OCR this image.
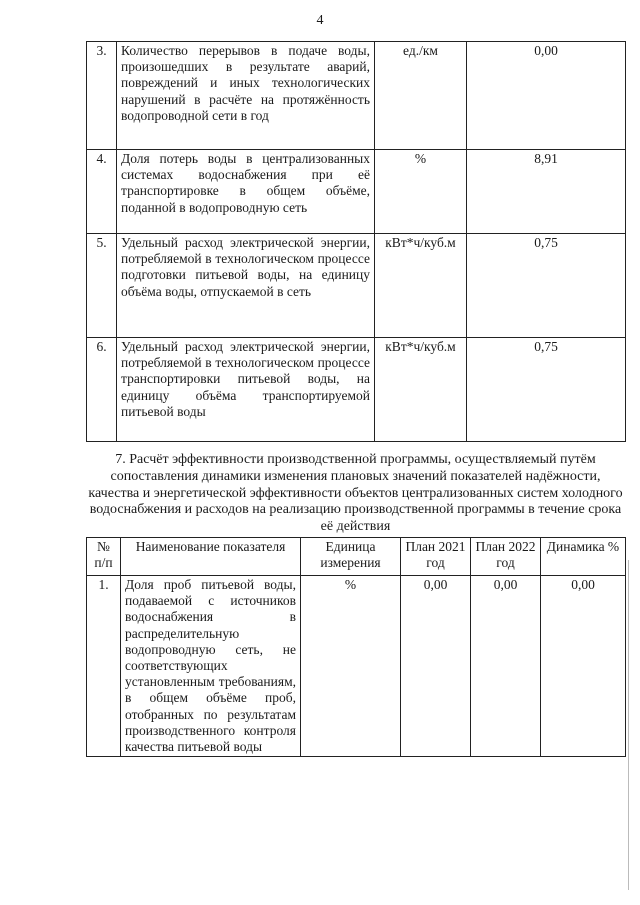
4
3.	Количество перерывов в подаче воды, произошедших в результате аварий, повреждений и иных технологических нарушений в расчёте на протяжённость водопроводной сети в год	ед./км	0,00
4.	Доля потерь воды в централизованных системах водоснабжения при её транспортировке в общем объёме, поданной в водопроводную сеть	%	8,91
5.	Удельный расход электрической энергии, потребляемой в технологическом процессе подготовки питьевой воды, на единицу объёма воды, отпускаемой в сеть	кВт*ч/куб.м	0,75
6.	Удельный расход электрической энергии, потребляемой в технологическом процессе транспортировки питьевой воды, на единицу объёма транспортируемой питьевой воды	кВт*ч/куб.м	0,75
7. Расчёт эффективности производственной программы, осуществляемый путём сопоставления динамики изменения плановых значений показателей надёжности, качества и энергетической эффективности объектов централизованных систем холодного водоснабжения и расходов на реализацию производственной программы в течение срока её действия
№ п/п	Наименование показателя	Единица измерения	План 2021 год	План 2022 год	Динамика %
1.	Доля проб питьевой воды, подаваемой с источников водоснабжения в распределительную водопроводную сеть, не соответствующих установленным требованиям, в общем объёме проб, отобранных по результатам производственного контроля качества питьевой воды	%	0,00	0,00	0,00
